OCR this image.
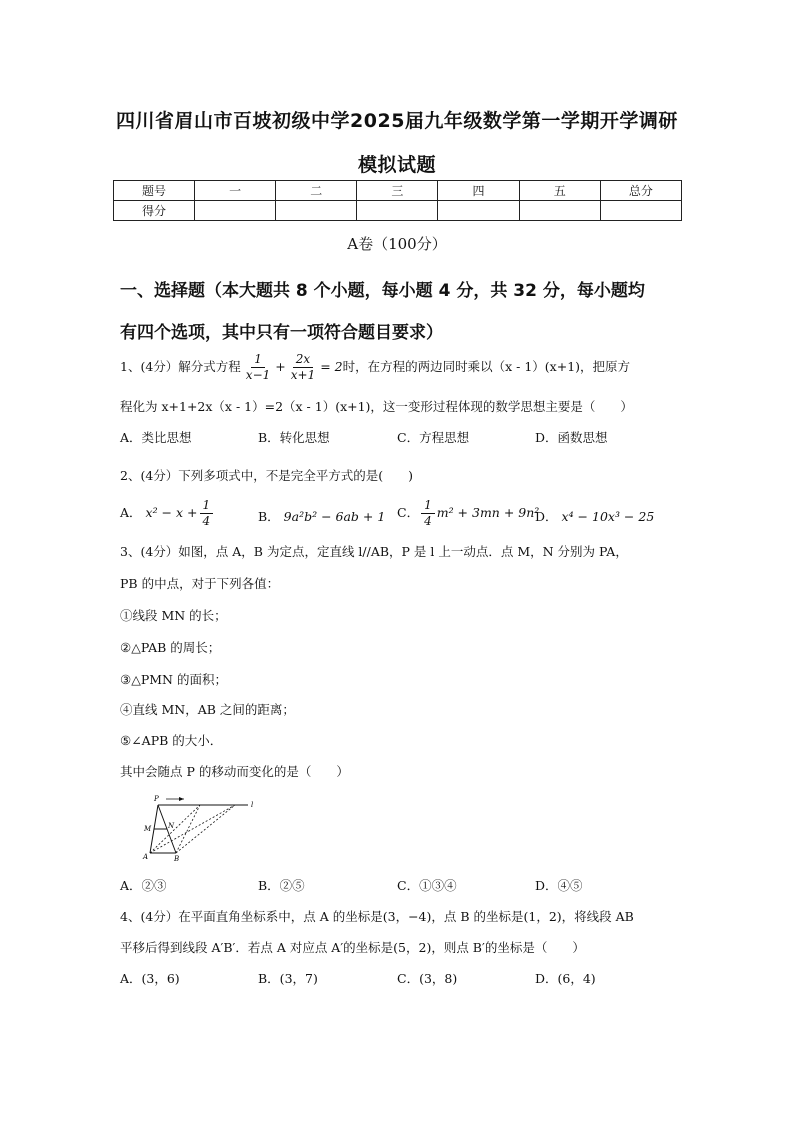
四川省眉山市百坡初级中学2025届九年级数学第一学期开学调研
模拟试题
题号	一	二	三	四	五	总分
得分						
A卷（100分）
一、选择题（本大题共 8 个小题，每小题 4 分，共 32 分，每小题均
有四个选项，其中只有一项符合题目要求）
1、(4分）解分式方程 $\frac{1}{x-1} + \frac{2x}{x+1} = 2$时，在方程的两边同时乘以（x - 1）(x+1)，把原方
程化为 x+1+2x（x - 1）=2（x - 1）(x+1)，这一变形过程体现的数学思想主要是（　　）
A．类比思想	B．转化思想	C．方程思想	D．函数思想
2、(4分）下列多项式中，不是完全平方式的是(　　)
A． $x^2 - x + \frac{1}{4}$	B． 9a²b² − 6ab + 1 C． $\frac{1}{4} m^2 + 3mn + 9n^2$
D． x⁴ − 10x³ − 25
3、(4分）如图，点 A，B 为定点，定直线 l//AB，P 是 l 上一动点．点 M，N 分别为 PA，
PB 的中点，对于下列各值：
①线段 MN 的长；
②△PAB 的周长；
③△PMN 的面积；
④直线 MN，AB 之间的距离；
⑤∠APB 的大小．
其中会随点 P 的移动而变化的是（　　）
P
l
M N
A	B
A．②③	B．②⑤	C．①③④	D．④⑤
4、(4分）在平面直角坐标系中，点 A 的坐标是(3，−4)，点 B 的坐标是(1，2)，将线段 AB
平移后得到线段 A′B′．若点 A 对应点 A′的坐标是(5，2)，则点 B′的坐标是（　　）
A．(3，6)	B．(3，7)	C．(3，8)	D．(6，4)
